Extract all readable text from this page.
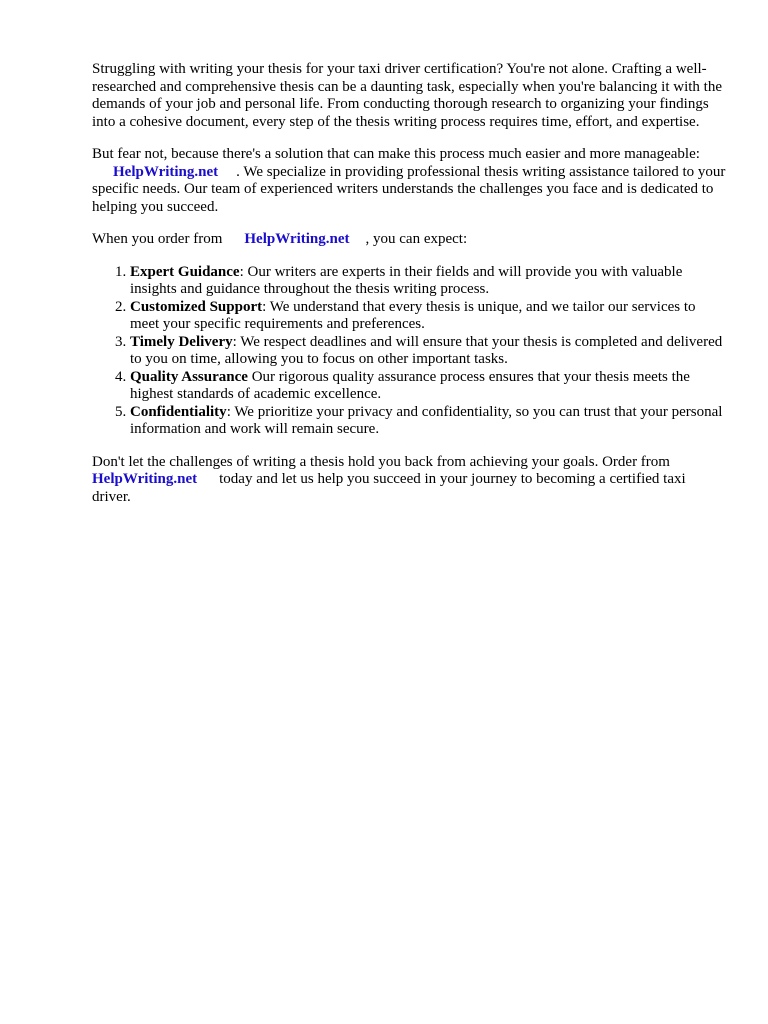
Struggling with writing your thesis for your taxi driver certification? You're not alone. Crafting a well-researched and comprehensive thesis can be a daunting task, especially when you're balancing it with the demands of your job and personal life. From conducting thorough research to organizing your findings into a cohesive document, every step of the thesis writing process requires time, effort, and expertise.

But fear not, because there's a solution that can make this process much easier and more manageable:
HelpWriting.net . We specialize in providing professional thesis writing assistance tailored to your specific needs. Our team of experienced writers understands the challenges you face and is dedicated to helping you succeed.

When you order from HelpWriting.net , you can expect:

1. Expert Guidance: Our writers are experts in their fields and will provide you with valuable insights and guidance throughout the thesis writing process.
2. Customized Support: We understand that every thesis is unique, and we tailor our services to meet your specific requirements and preferences.
3. Timely Delivery: We respect deadlines and will ensure that your thesis is completed and delivered to you on time, allowing you to focus on other important tasks.
4. Quality Assurance Our rigorous quality assurance process ensures that your thesis meets the highest standards of academic excellence.
5. Confidentiality: We prioritize your privacy and confidentiality, so you can trust that your personal information and work will remain secure.

Don't let the challenges of writing a thesis hold you back from achieving your goals. Order from
HelpWriting.net today and let us help you succeed in your journey to becoming a certified taxi driver.
